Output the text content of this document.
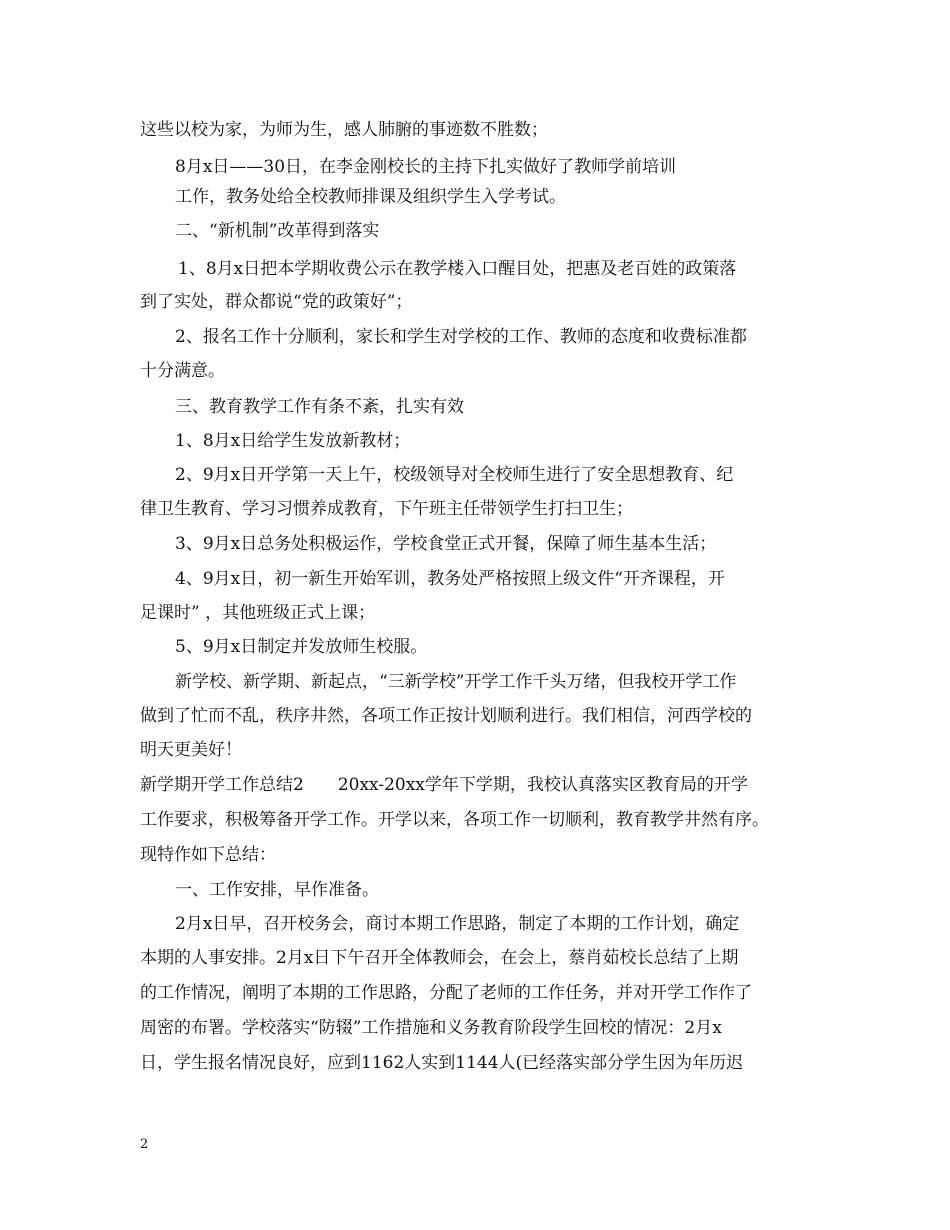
这些以校为家，为师为生，感人肺腑的事迹数不胜数；
8月x日——30日，在李金刚校长的主持下扎实做好了教师学前培训
工作，教务处给全校教师排课及组织学生入学考试。
二、“新机制”改革得到落实
1、8月x日把本学期收费公示在教学楼入口醒目处，把惠及老百姓的政策落
到了实处，群众都说“党的政策好”；
2、报名工作十分顺利，家长和学生对学校的工作、教师的态度和收费标准都
十分满意。
三、教育教学工作有条不紊，扎实有效
1、8月x日给学生发放新教材；
2、9月x日开学第一天上午，校级领导对全校师生进行了安全思想教育、纪
律卫生教育、学习习惯养成教育，下午班主任带领学生打扫卫生；
3、9月x日总务处积极运作，学校食堂正式开餐，保障了师生基本生活；
4、9月x日，初一新生开始军训，教务处严格按照上级文件“开齐课程，开
足课时” ，其他班级正式上课；
5、9月x日制定并发放师生校服。
新学校、新学期、新起点，“三新学校”开学工作千头万绪，但我校开学工作
做到了忙而不乱，秩序井然，各项工作正按计划顺利进行。我们相信，河西学校的
明天更美好！
新学期开学工作总结2　　20xx-20xx学年下学期，我校认真落实区教育局的开学
工作要求，积极筹备开学工作。开学以来，各项工作一切顺利，教育教学井然有序。
现特作如下总结：
一、工作安排，早作准备。
2月x日早，召开校务会，商讨本期工作思路，制定了本期的工作计划，确定
本期的人事安排。2月x日下午召开全体教师会，在会上，蔡肖茹校长总结了上期
的工作情况，阐明了本期的工作思路，分配了老师的工作任务，并对开学工作作了
周密的布署。学校落实“防辍”工作措施和义务教育阶段学生回校的情况：2月x
日，学生报名情况良好，应到1162人实到1144人(已经落实部分学生因为年历迟
2
